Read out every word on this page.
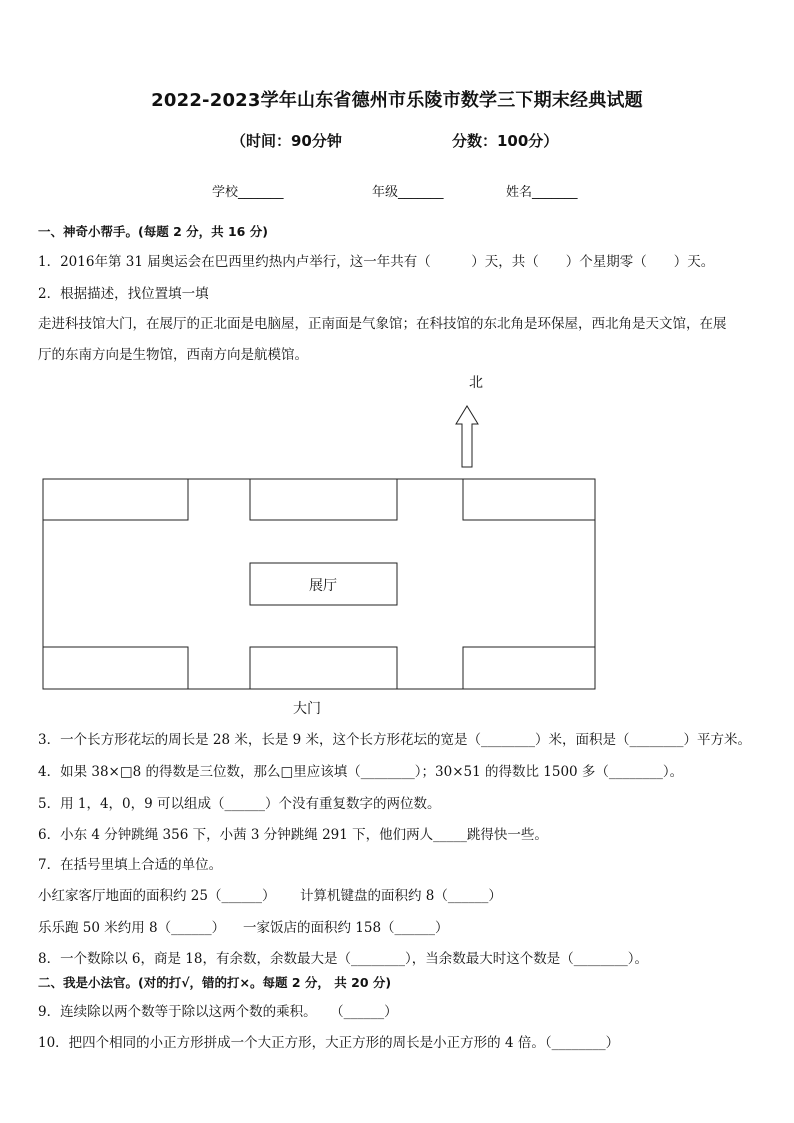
2022-2023学年山东省德州市乐陵市数学三下期末经典试题
（时间：90分钟	分数：100分）
学校_______	年级_______	姓名_______
一、神奇小帮手。(每题 2 分，共 16 分)
1．2016年第 31 届奥运会在巴西里约热内卢举行，这一年共有（　　　）天，共（　　）个星期零（　　）天。
2．根据描述，找位置填一填
走进科技馆大门，在展厅的正北面是电脑屋，正南面是气象馆；在科技馆的东北角是环保屋，西北角是天文馆，在展
厅的东南方向是生物馆，西南方向是航模馆。
北
展厅
大门
3．一个长方形花坛的周长是 28 米，长是 9 米，这个长方形花坛的宽是（________）米，面积是（________）平方米。
4．如果 38×□8 的得数是三位数，那么□里应该填（________）；30×51 的得数比 1500 多（________）。
5．用 1，4，0，9 可以组成（______）个没有重复数字的两位数。
6．小东 4 分钟跳绳 356 下，小茜 3 分钟跳绳 291 下，他们两人_____跳得快一些。
7．在括号里填上合适的单位。
小红家客厅地面的面积约 25（______） 计算机键盘的面积约 8（______）
乐乐跑 50 米约用 8（______） 一家饭店的面积约 158（______）
8．一个数除以 6，商是 18，有余数，余数最大是（________），当余数最大时这个数是（________）。
二、我是小法官。(对的打√，错的打×。每题 2 分， 共 20 分)
9．连续除以两个数等于除以这两个数的乘积。　　（______）
10．把四个相同的小正方形拼成一个大正方形，大正方形的周长是小正方形的 4 倍。（________）
